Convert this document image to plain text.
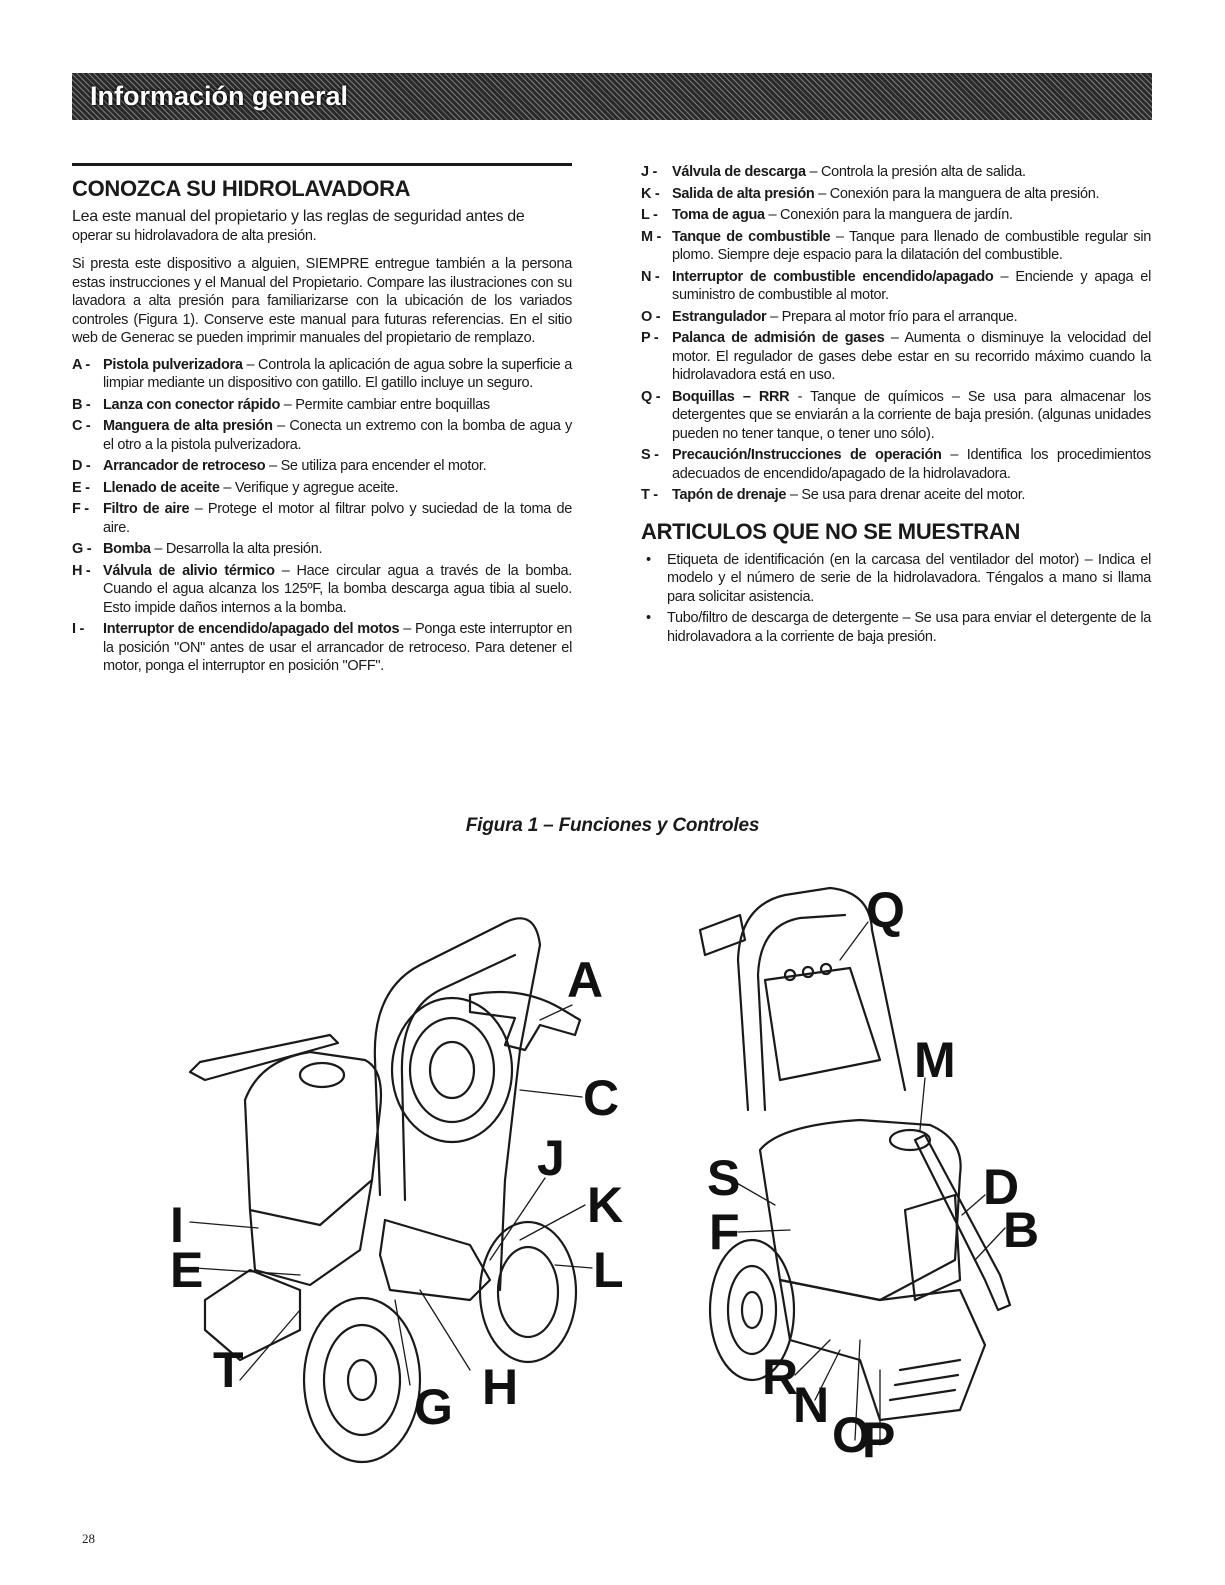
Información general
CONOZCA SU HIDROLAVADORA

Lea este manual del propietario y las reglas de seguridad antes de

operar su hidrolavadora de alta presión.

Si presta este dispositivo a alguien, SIEMPRE entregue también a la persona estas instrucciones y el Manual del Propietario. Compare las ilustraciones con su lavadora a alta presión para familiarizarse con la ubicación de los variados controles (Figura 1). Conserve este manual para futuras referencias. En el sitio web de Generac se pueden imprimir manuales del propietario de remplazo.

A - Pistola pulverizadora – Controla la aplicación de agua sobre la superficie a limpiar mediante un dispositivo con gatillo. El gatillo incluye un seguro.
B - Lanza con conector rápido – Permite cambiar entre boquillas
C - Manguera de alta presión – Conecta un extremo con la bomba de agua y el otro a la pistola pulverizadora.
D - Arrancador de retroceso – Se utiliza para encender el motor.
E - Llenado de aceite – Verifique y agregue aceite.
F - Filtro de aire – Protege el motor al filtrar polvo y suciedad de la toma de aire.
G - Bomba – Desarrolla la alta presión.
H - Válvula de alivio térmico – Hace circular agua a través de la bomba. Cuando el agua alcanza los 125ºF, la bomba descarga agua tibia al suelo. Esto impide daños internos a la bomba.
I - Interruptor de encendido/apagado del motos – Ponga este interruptor en la posición "ON" antes de usar el arrancador de retroceso. Para detener el motor, ponga el interruptor en posición "OFF".
J - Válvula de descarga – Controla la presión alta de salida.
K - Salida de alta presión – Conexión para la manguera de alta presión.
L - Toma de agua – Conexión para la manguera de jardín.
M - Tanque de combustible – Tanque para llenado de combustible regular sin plomo. Siempre deje espacio para la dilatación del combustible.
N - Interruptor de combustible encendido/apagado – Enciende y apaga el suministro de combustible al motor.
O - Estrangulador – Prepara al motor frío para el arranque.
P - Palanca de admisión de gases – Aumenta o disminuye la velocidad del motor. El regulador de gases debe estar en su recorrido máximo cuando la hidrolavadora está en uso.
Q - Boquillas – RRR - Tanque de químicos – Se usa para almacenar los detergentes que se enviarán a la corriente de baja presión. (algunas unidades pueden no tener tanque, o tener uno sólo).
S - Precaución/Instrucciones de operación – Identifica los procedimientos adecuados de encendido/apagado de la hidrolavadora.
T - Tapón de drenaje – Se usa para drenar aceite del motor.
ARTICULOS QUE NO SE MUESTRAN
• Etiqueta de identificación (en la carcasa del ventilador del motor) – Indica el modelo y el número de serie de la hidrolavadora. Téngalos a mano si llama para solicitar asistencia.
• Tubo/filtro de descarga de detergente – Se usa para enviar el detergente de la hidrolavadora a la corriente de baja presión.
Figura 1 – Funciones y Controles
A
C
J
K
L
I
E
T
G H
Q
M
S
F
D
B
R
N
O
P
28
